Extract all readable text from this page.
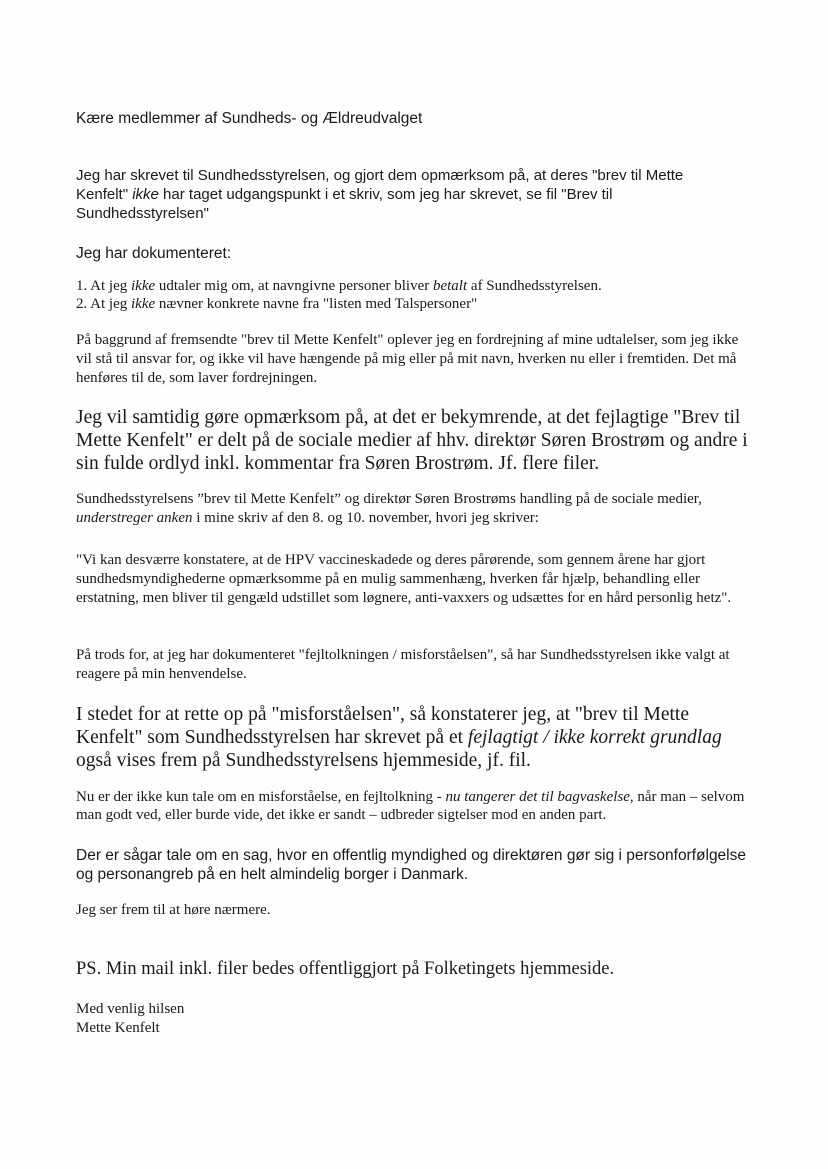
Kære medlemmer af Sundheds- og Ældreudvalget

Jeg har skrevet til Sundhedsstyrelsen, og gjort dem opmærksom på, at deres "brev til Mette Kenfelt" ikke har taget udgangspunkt i et skriv, som jeg har skrevet, se fil "Brev til Sundhedsstyrelsen"

Jeg har dokumenteret:

1. At jeg ikke udtaler mig om, at navngivne personer bliver betalt af Sundhedsstyrelsen.
2. At jeg ikke nævner konkrete navne fra "listen med Talspersoner"

På baggrund af fremsendte "brev til Mette Kenfelt" oplever jeg en fordrejning af mine udtalelser, som jeg ikke vil stå til ansvar for, og ikke vil have hængende på mig eller på mit navn, hverken nu eller i fremtiden. Det må henføres til de, som laver fordrejningen.

Jeg vil samtidig gøre opmærksom på, at det er bekymrende, at det fejlagtige "Brev til Mette Kenfelt" er delt på de sociale medier af hhv. direktør Søren Brostrøm og andre i sin fulde ordlyd inkl. kommentar fra Søren Brostrøm. Jf. flere filer.

Sundhedsstyrelsens ”brev til Mette Kenfelt” og direktør Søren Brostrøms handling på de sociale medier, understreger anken i mine skriv af den 8. og 10. november, hvori jeg skriver:

"Vi kan desværre konstatere, at de HPV vaccineskadede og deres pårørende, som gennem årene har gjort sundhedsmyndighederne opmærksomme på en mulig sammenhæng, hverken får hjælp, behandling eller erstatning, men bliver til gengæld udstillet som løgnere, anti-vaxxers og udsættes for en hård personlig hetz".

På trods for, at jeg har dokumenteret "fejltolkningen / misforståelsen", så har Sundhedsstyrelsen ikke valgt at reagere på min henvendelse.

I stedet for at rette op på "misforståelsen", så konstaterer jeg, at "brev til Mette Kenfelt" som Sundhedsstyrelsen har skrevet på et fejlagtigt / ikke korrekt grundlag også vises frem på Sundhedsstyrelsens hjemmeside, jf. fil.

Nu er der ikke kun tale om en misforståelse, en fejltolkning - nu tangerer det til bagvaskelse, når man – selvom man godt ved, eller burde vide, det ikke er sandt – udbreder sigtelser mod en anden part.

Der er sågar tale om en sag, hvor en offentlig myndighed og direktøren gør sig i personforfølgelse og personangreb på en helt almindelig borger i Danmark.

Jeg ser frem til at høre nærmere.

PS. Min mail inkl. filer bedes offentliggjort på Folketingets hjemmeside.

Med venlig hilsen
Mette Kenfelt
